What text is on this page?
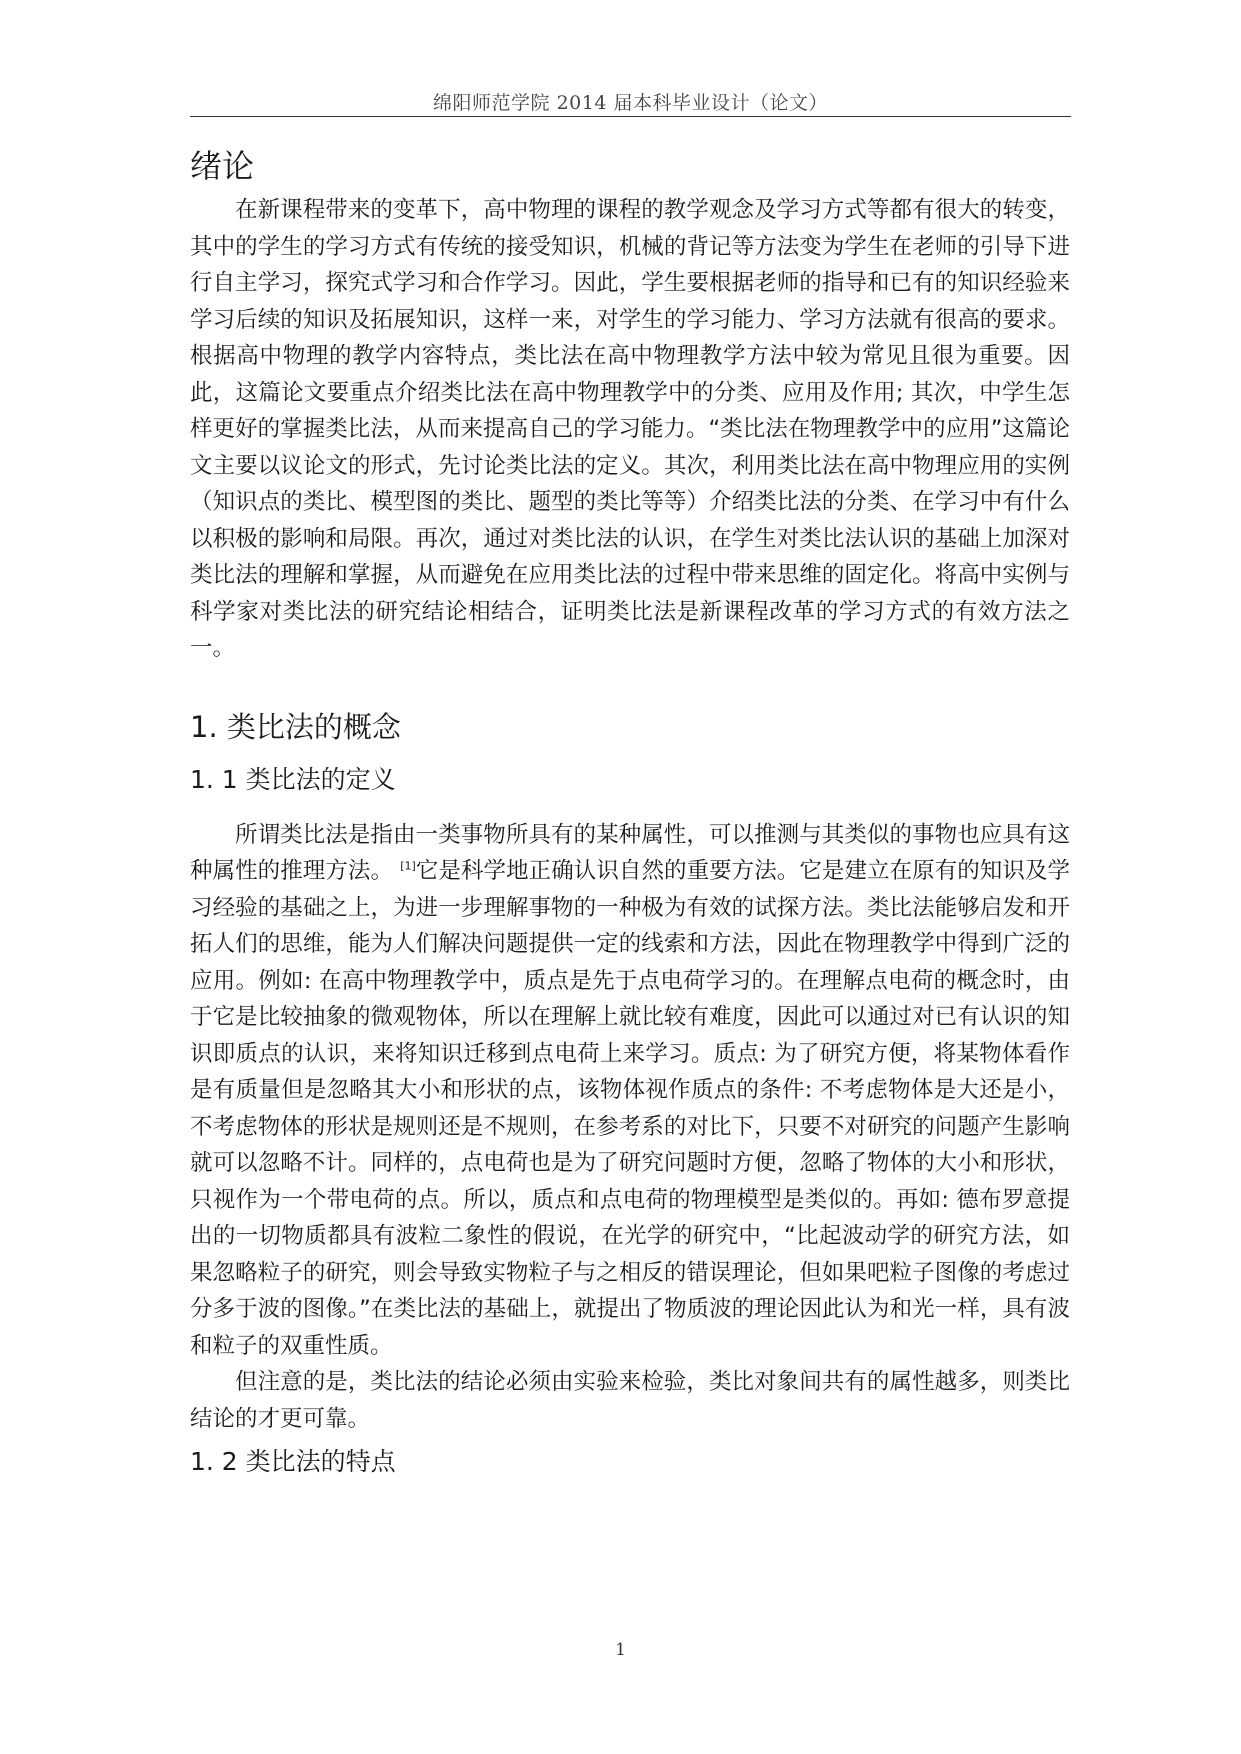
绵阳师范学院 2014 届本科毕业设计（论文）
绪论

在新课程带来的变革下，高中物理的课程的教学观念及学习方式等都有很大的转变，其中的学生的学习方式有传统的接受知识，机械的背记等方法变为学生在老师的引导下进行自主学习，探究式学习和合作学习。因此，学生要根据老师的指导和已有的知识经验来学习后续的知识及拓展知识，这样一来，对学生的学习能力、学习方法就有很高的要求。根据高中物理的教学内容特点，类比法在高中物理教学方法中较为常见且很为重要。因此，这篇论文要重点介绍类比法在高中物理教学中的分类、应用及作用; 其次，中学生怎样更好的掌握类比法，从而来提高自己的学习能力。“类比法在物理教学中的应用”这篇论文主要以议论文的形式，先讨论类比法的定义。其次，利用类比法在高中物理应用的实例（知识点的类比、模型图的类比、题型的类比等等）介绍类比法的分类、在学习中有什么以积极的影响和局限。再次，通过对类比法的认识，在学生对类比法认识的基础上加深对类比法的理解和掌握，从而避免在应用类比法的过程中带来思维的固定化。将高中实例与科学家对类比法的研究结论相结合，证明类比法是新课程改革的学习方式的有效方法之一。

1. 类比法的概念
1. 1 类比法的定义

所谓类比法是指由一类事物所具有的某种属性，可以推测与其类似的事物也应具有这种属性的推理方法。 [1]它是科学地正确认识自然的重要方法。它是建立在原有的知识及学习经验的基础之上，为进一步理解事物的一种极为有效的试探方法。类比法能够启发和开拓人们的思维，能为人们解决问题提供一定的线索和方法，因此在物理教学中得到广泛的应用。例如: 在高中物理教学中，质点是先于点电荷学习的。在理解点电荷的概念时，由于它是比较抽象的微观物体，所以在理解上就比较有难度，因此可以通过对已有认识的知识即质点的认识，来将知识迁移到点电荷上来学习。质点: 为了研究方便，将某物体看作是有质量但是忽略其大小和形状的点，该物体视作质点的条件: 不考虑物体是大还是小，不考虑物体的形状是规则还是不规则，在参考系的对比下，只要不对研究的问题产生影响就可以忽略不计。同样的，点电荷也是为了研究问题时方便，忽略了物体的大小和形状，只视作为一个带电荷的点。所以，质点和点电荷的物理模型是类似的。再如: 德布罗意提出的一切物质都具有波粒二象性的假说，在光学的研究中，“比起波动学的研究方法，如果忽略粒子的研究，则会导致实物粒子与之相反的错误理论，但如果吧粒子图像的考虑过分多于波的图像。”在类比法的基础上，就提出了物质波的理论因此认为和光一样，具有波和粒子的双重性质。

但注意的是，类比法的结论必须由实验来检验，类比对象间共有的属性越多，则类比结论的才更可靠。

1. 2 类比法的特点
1
